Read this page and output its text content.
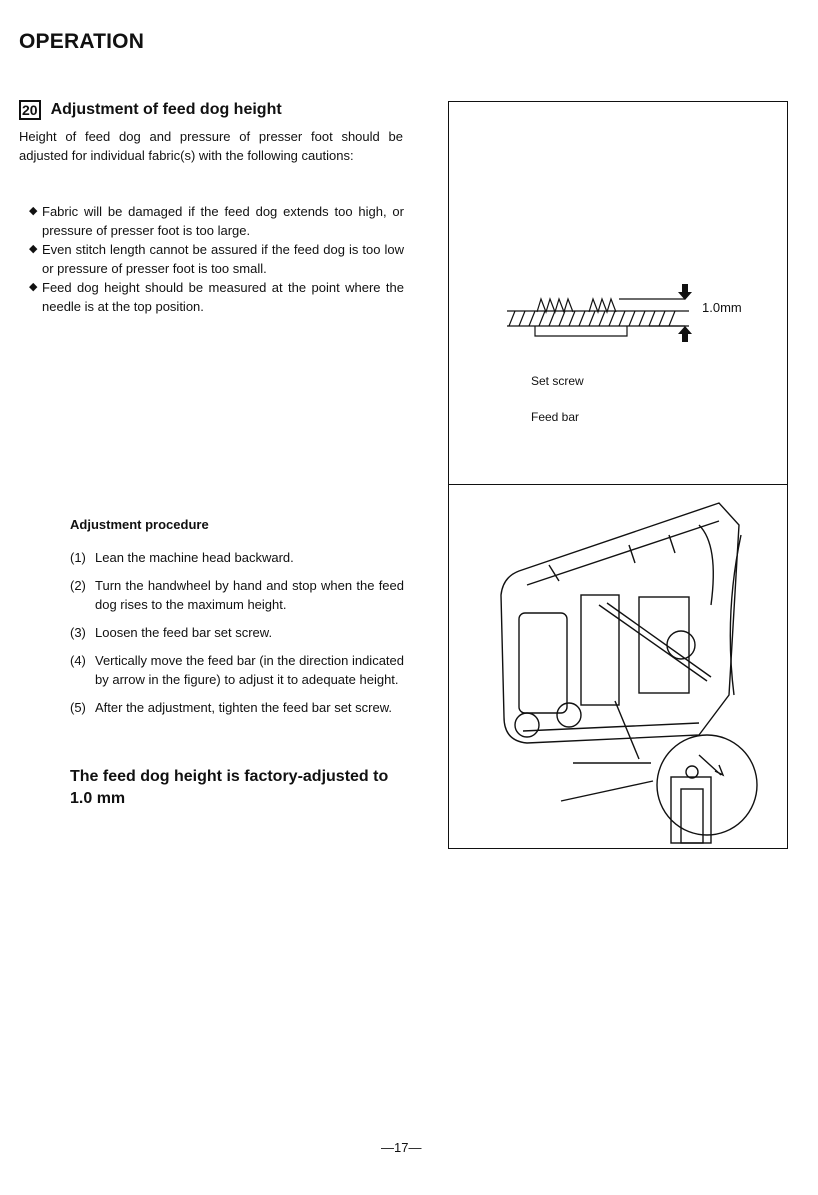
OPERATION
20 Adjustment of feed dog height
Height of feed dog and pressure of presser foot should be adjusted for individual fabric(s) with the following cautions:
◆ Fabric will be damaged if the feed dog extends too high, or pressure of presser foot is too large.
◆ Even stitch length cannot be assured if the feed dog is too low or pressure of presser foot is too small.
◆ Feed dog height should be measured at the point where the needle is at the top position.
Adjustment procedure
(1) Lean the machine head backward.
(2) Turn the handwheel by hand and stop when the feed dog rises to the maximum height.
(3) Loosen the feed bar set screw.
(4) Vertically move the feed bar (in the direction indicated by arrow in the figure) to adjust it to adequate height.
(5) After the adjustment, tighten the feed bar set screw.
The feed dog height is factory-adjusted to 1.0 mm
1.0mm
Set screw
Feed bar
—17—
